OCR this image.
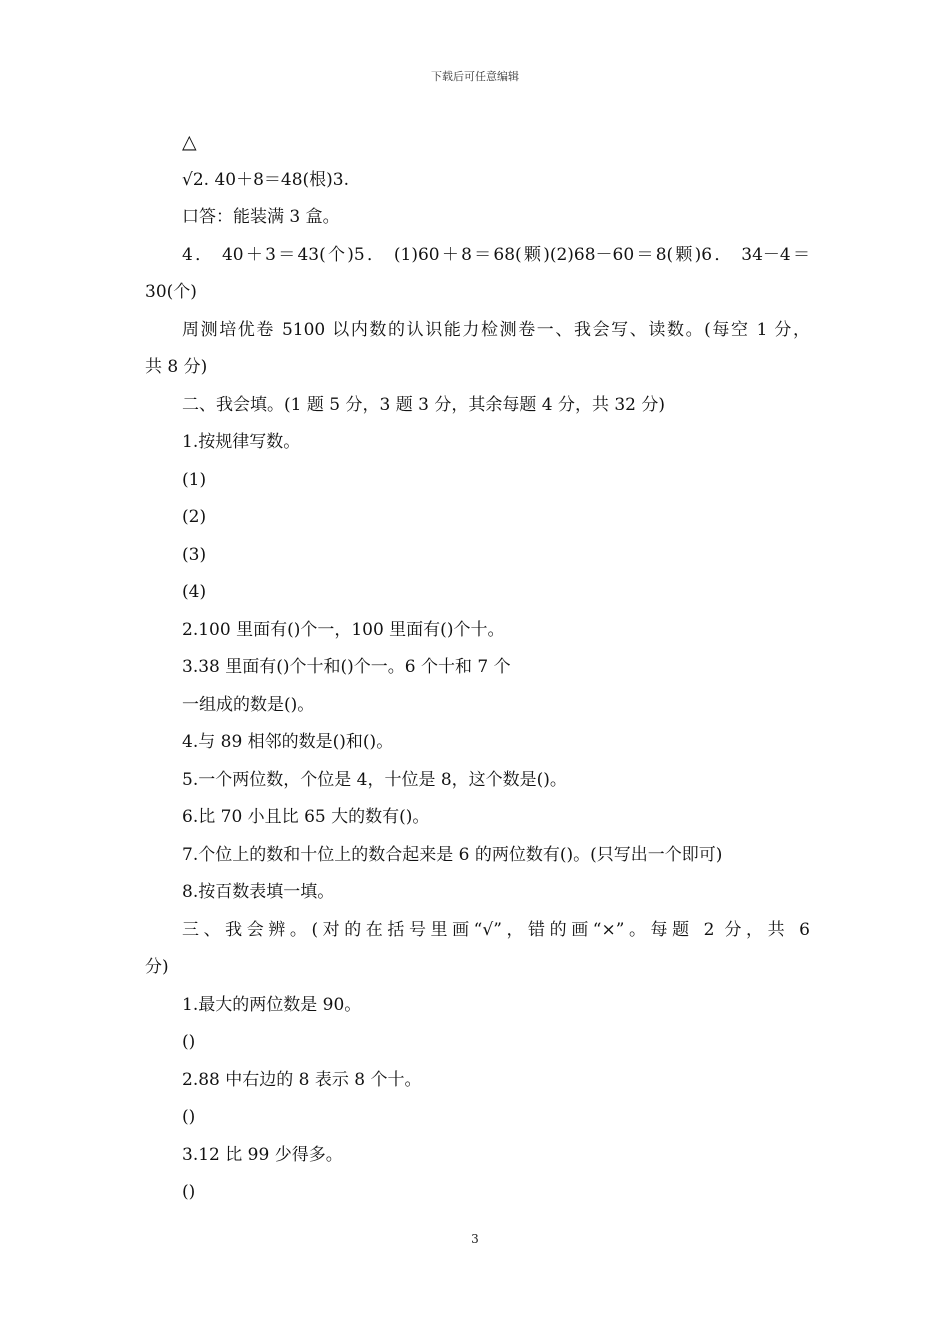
下载后可任意编辑
△
√2. 40＋8＝48(根)3.
口答：能装满 3 盒。
4． 40＋3＝43(个)5． (1)60＋8＝68(颗)(2)68－60＝8(颗)6． 34－4＝
30(个)
周测培优卷 5100 以内数的认识能力检测卷一、我会写、读数。(每空 1 分，
共 8 分)
二、我会填。(1 题 5 分，3 题 3 分，其余每题 4 分，共 32 分)
1.按规律写数。
(1)
(2)
(3)
(4)
2.100 里面有()个一，100 里面有()个十。
3.38 里面有()个十和()个一。6 个十和 7 个
一组成的数是()。
4.与 89 相邻的数是()和()。
5.一个两位数，个位是 4，十位是 8，这个数是()。
6.比 70 小且比 65 大的数有()。
7.个位上的数和十位上的数合起来是 6 的两位数有()。(只写出一个即可)
8.按百数表填一填。
三、我会辨。(对的在括号里画“√”，错的画“×”。每题 2 分，共 6
分)
1.最大的两位数是 90。
()
2.88 中右边的 8 表示 8 个十。
()
3.12 比 99 少得多。
()
3
